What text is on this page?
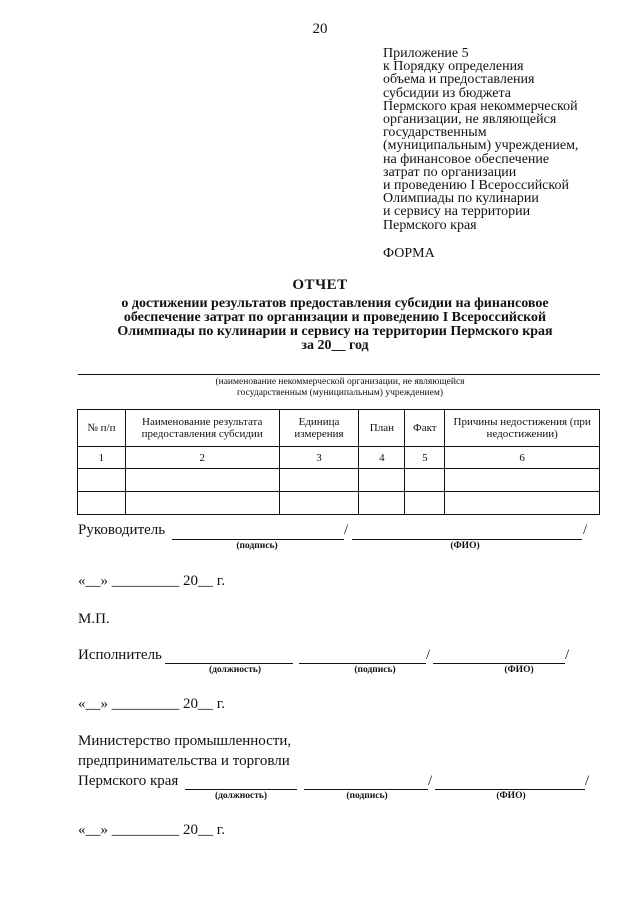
20
Приложение 5
к Порядку определения
объема и предоставления
субсидии из бюджета
Пермского края некоммерческой
организации, не являющейся
государственным
(муниципальным) учреждением,
на финансовое обеспечение
затрат по организации
и проведению I Всероссийской
Олимпиады по кулинарии
и сервису на территории
Пермского края
ФОРМА
ОТЧЕТ
о достижении результатов предоставления субсидии на финансовое
обеспечение затрат по организации и проведению I Всероссийской
Олимпиады по кулинарии и сервису на территории Пермского края
за 20__ год
(наименование некоммерческой организации, не являющейся
государственным (муниципальным) учреждением)
№ п/п	Наименование результата предоставления субсидии	Единица измерения	План	Факт	Причины недостижения (при недостижении)
1	2	3	4	5	6

Руководитель	/	/
(подпись)	(ФИО)
«__» _________ 20__ г.
М.П.
Исполнитель	/	/
(должность)	(подпись)	(ФИО)
«__» _________ 20__ г.
Министерство промышленности,
предпринимательства и торговли
Пермского края	/	/
(должность)	(подпись)	(ФИО)
«__» _________ 20__ г.
